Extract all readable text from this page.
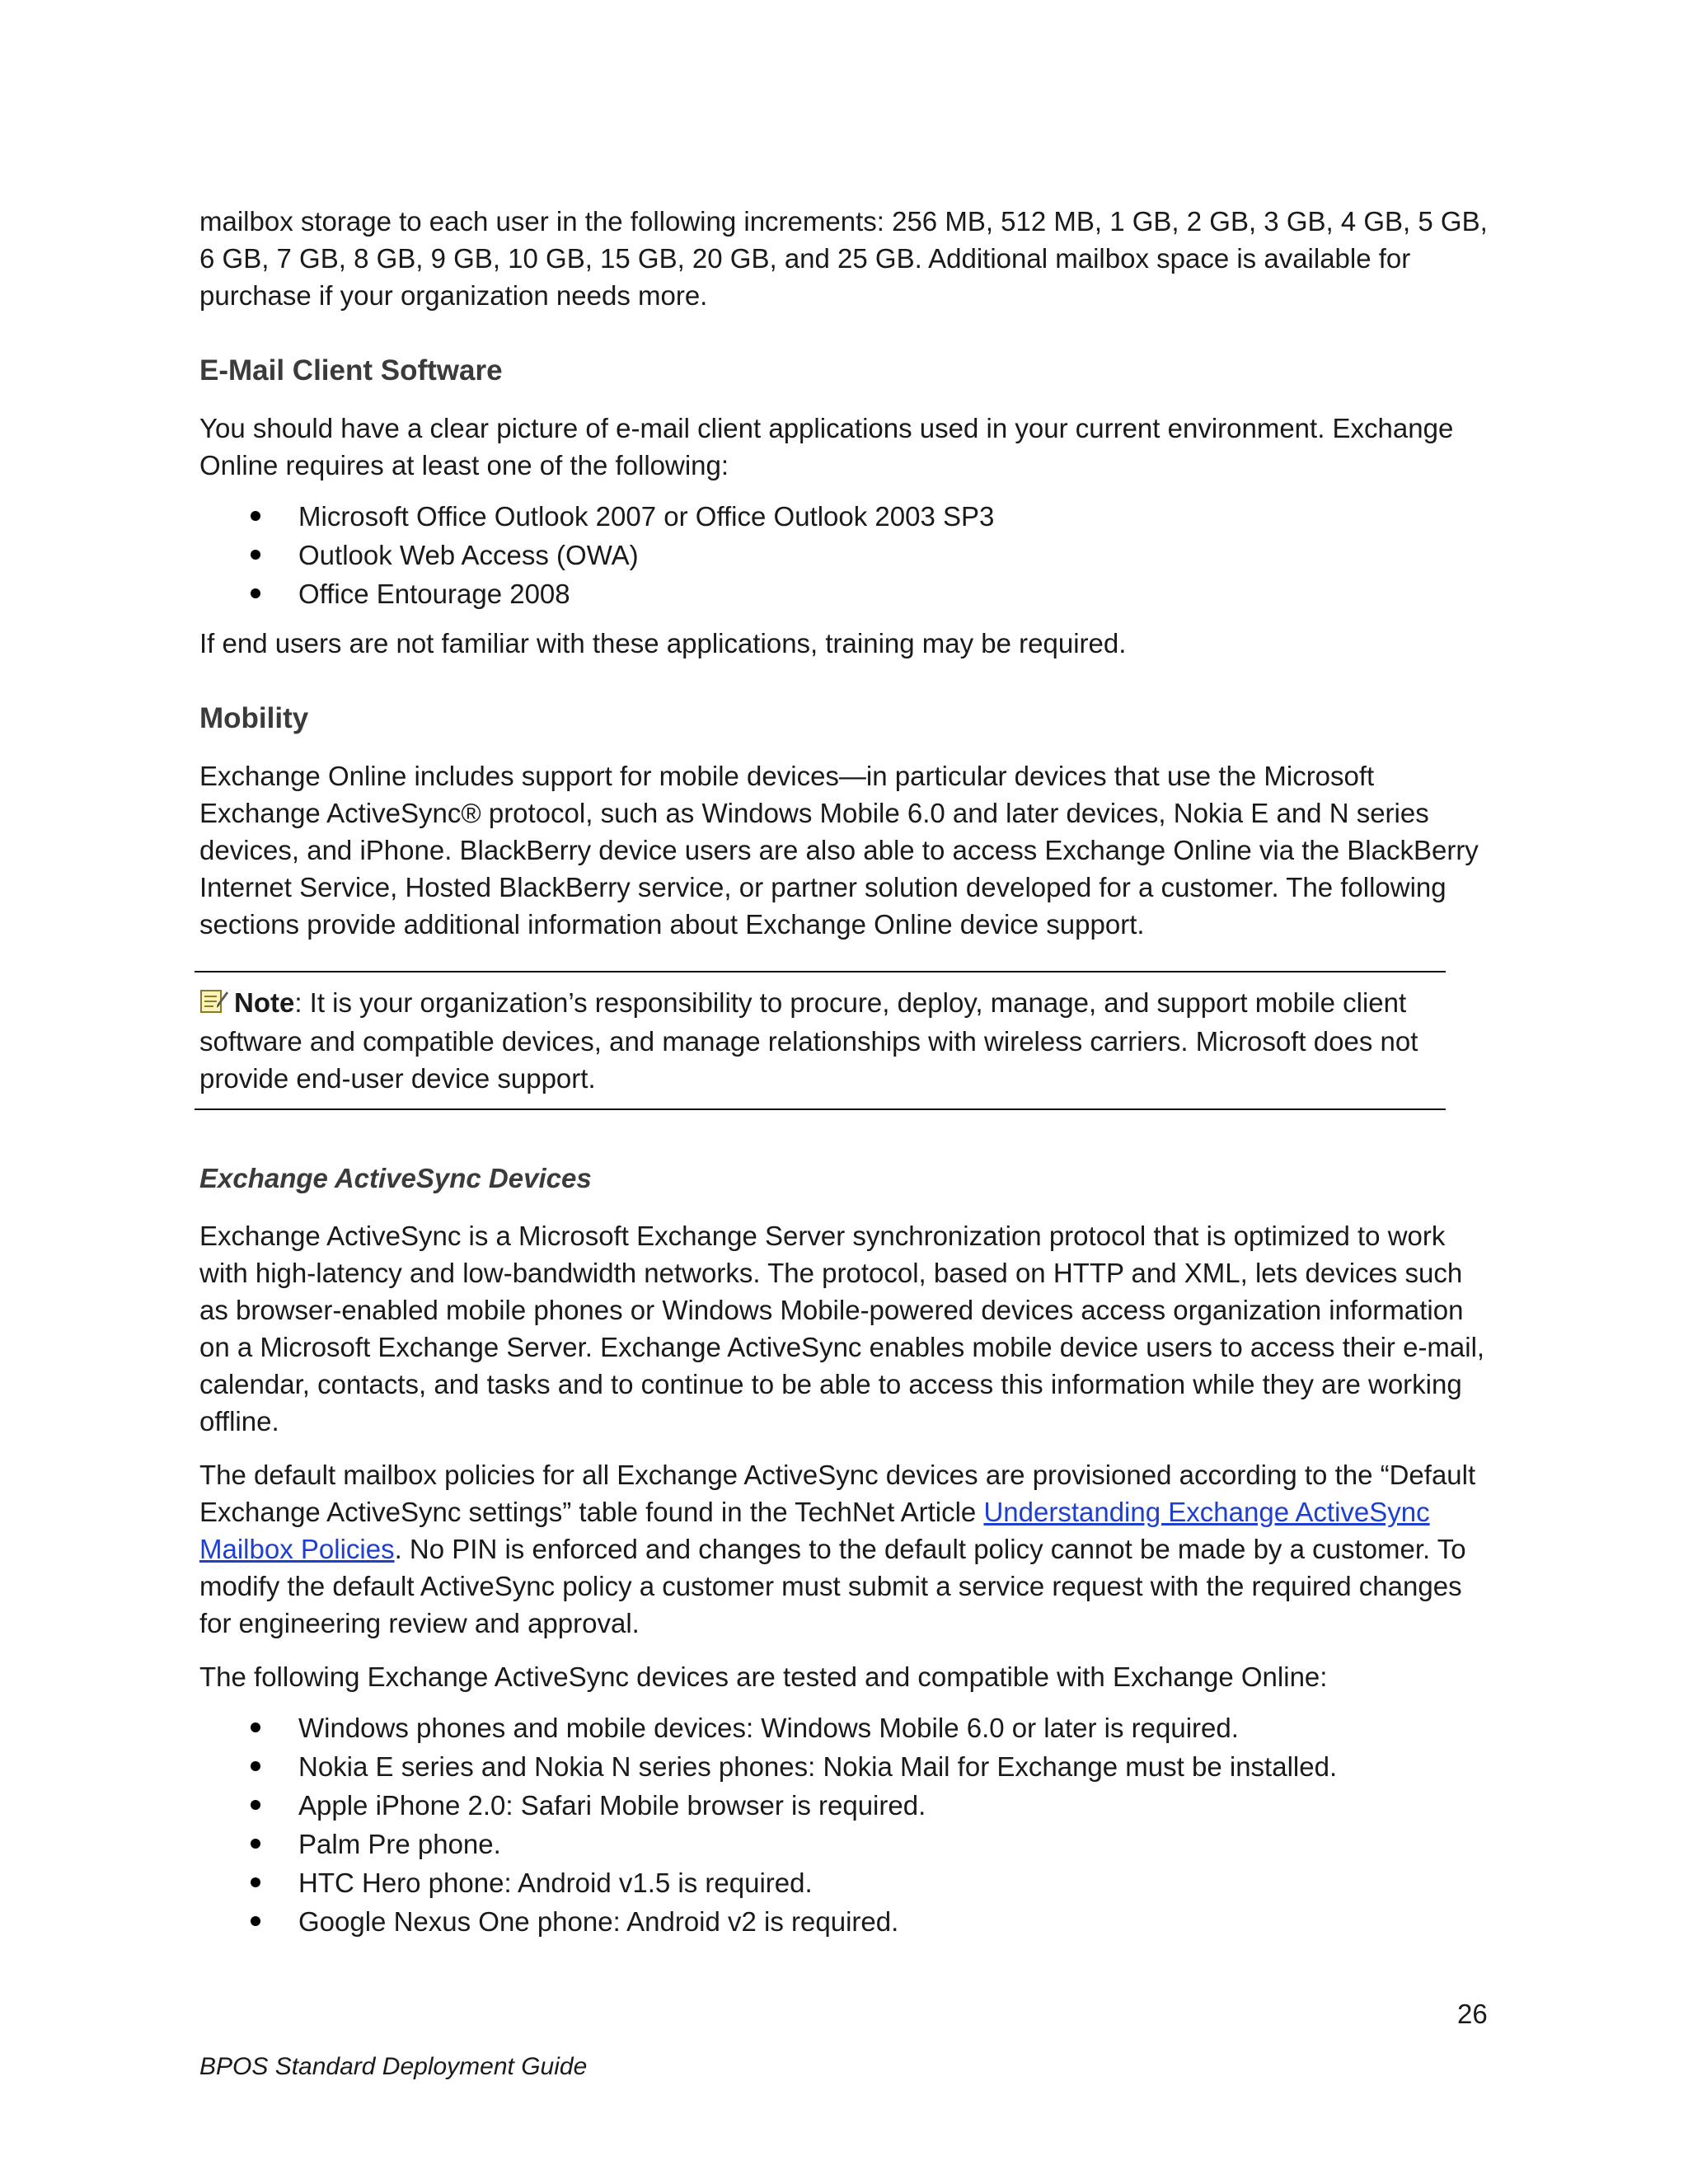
mailbox storage to each user in the following increments: 256 MB, 512 MB, 1 GB, 2 GB, 3 GB, 4 GB, 5 GB, 6 GB, 7 GB, 8 GB, 9 GB, 10 GB, 15 GB, 20 GB, and 25 GB. Additional mailbox space is available for purchase if your organization needs more.

E-Mail Client Software

You should have a clear picture of e-mail client applications used in your current environment. Exchange Online requires at least one of the following:

Microsoft Office Outlook 2007 or Office Outlook 2003 SP3
Outlook Web Access (OWA)
Office Entourage 2008

If end users are not familiar with these applications, training may be required.

Mobility

Exchange Online includes support for mobile devices—in particular devices that use the Microsoft Exchange ActiveSync® protocol, such as Windows Mobile 6.0 and later devices, Nokia E and N series devices, and iPhone. BlackBerry device users are also able to access Exchange Online via the BlackBerry Internet Service, Hosted BlackBerry service, or partner solution developed for a customer. The following sections provide additional information about Exchange Online device support.

Note: It is your organization’s responsibility to procure, deploy, manage, and support mobile client software and compatible devices, and manage relationships with wireless carriers. Microsoft does not provide end-user device support.

Exchange ActiveSync Devices

Exchange ActiveSync is a Microsoft Exchange Server synchronization protocol that is optimized to work with high-latency and low-bandwidth networks. The protocol, based on HTTP and XML, lets devices such as browser-enabled mobile phones or Windows Mobile-powered devices access organization information on a Microsoft Exchange Server. Exchange ActiveSync enables mobile device users to access their e-mail, calendar, contacts, and tasks and to continue to be able to access this information while they are working offline.

The default mailbox policies for all Exchange ActiveSync devices are provisioned according to the “Default Exchange ActiveSync settings” table found in the TechNet Article Understanding Exchange ActiveSync Mailbox Policies. No PIN is enforced and changes to the default policy cannot be made by a customer. To modify the default ActiveSync policy a customer must submit a service request with the required changes for engineering review and approval.

The following Exchange ActiveSync devices are tested and compatible with Exchange Online:

Windows phones and mobile devices: Windows Mobile 6.0 or later is required.
Nokia E series and Nokia N series phones: Nokia Mail for Exchange must be installed.
Apple iPhone 2.0: Safari Mobile browser is required.
Palm Pre phone.
HTC Hero phone: Android v1.5 is required.
Google Nexus One phone: Android v2 is required.
26
BPOS Standard Deployment Guide
